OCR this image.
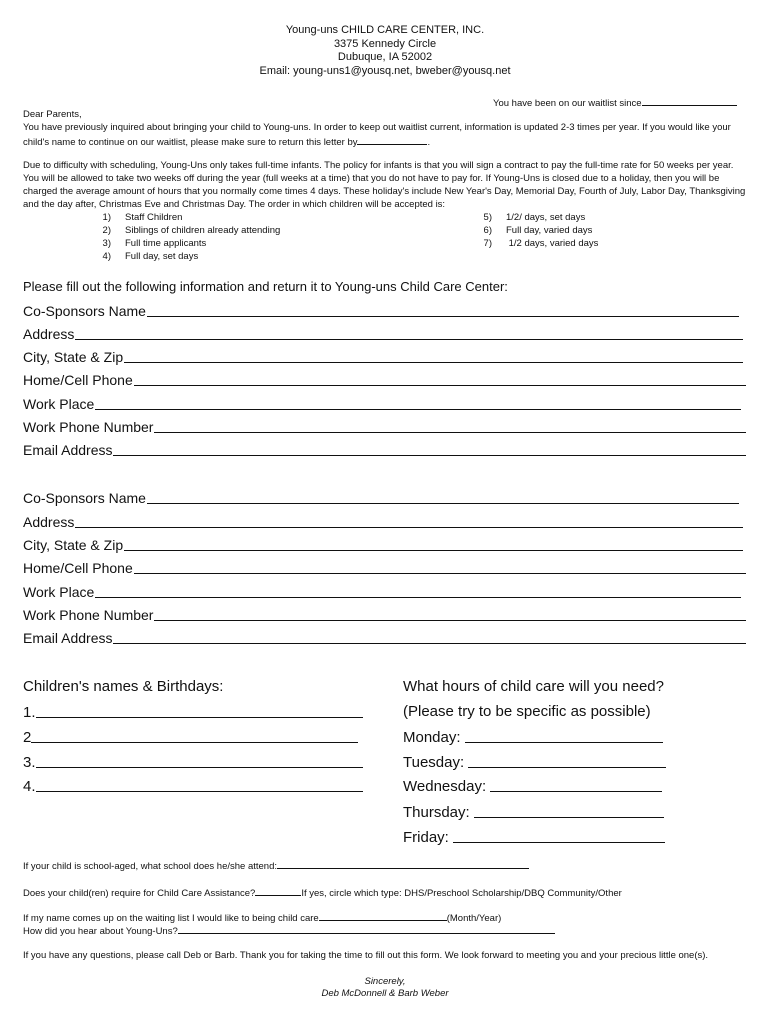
Young-uns CHILD CARE CENTER, INC.
3375 Kennedy Circle
Dubuque, IA 52002
Email: young-uns1@yousq.net, bweber@yousq.net
You have been on our waitlist since
Dear Parents,
You have previously inquired about bringing your child to Young-uns. In order to keep out waitlist current, information is updated 2-3 times per year. If you would like your child's name to continue on our waitlist, please make sure to return this letter by	.
Due to difficulty with scheduling, Young-Uns only takes full-time infants. The policy for infants is that you will sign a contract to pay the full-time rate for 50 weeks per year. You will be allowed to take two weeks off during the year (full weeks at a time) that you do not have to pay for. If Young-Uns is closed due to a holiday, then you will be charged the average amount of hours that you normally come times 4 days. These holiday's include New Year's Day, Memorial Day, Fourth of July, Labor Day, Thanksgiving and the day after, Christmas Eve and Christmas Day. The order in which children will be accepted is:
1) Staff Children
2) Siblings of children already attending
3) Full time applicants
4) Full day, set days
5) 1/2/ days, set days
6) Full day, varied days
7) 1/2 days, varied days
Please fill out the following information and return it to Young-uns Child Care Center:
Co-Sponsors Name
Address
City, State & Zip
Home/Cell Phone
Work Place
Work Phone Number
Email Address
Co-Sponsors Name
Address
City, State & Zip
Home/Cell Phone
Work Place
Work Phone Number
Email Address
Children's names & Birthdays:
1.
2
3.
4.
What hours of child care will you need?
(Please try to be specific as possible)
Monday:
Tuesday:
Wednesday:
Thursday:
Friday:
If your child is school-aged, what school does he/she attend:
Does your child(ren) require for Child Care Assistance?	If yes, circle which type: DHS/Preschool Scholarship/DBQ Community/Other
If my name comes up on the waiting list I would like to being child care	(Month/Year)
How did you hear about Young-Uns?
If you have any questions, please call Deb or Barb. Thank you for taking the time to fill out this form. We look forward to meeting you and your precious little one(s).
Sincerely,
Deb McDonnell & Barb Weber
